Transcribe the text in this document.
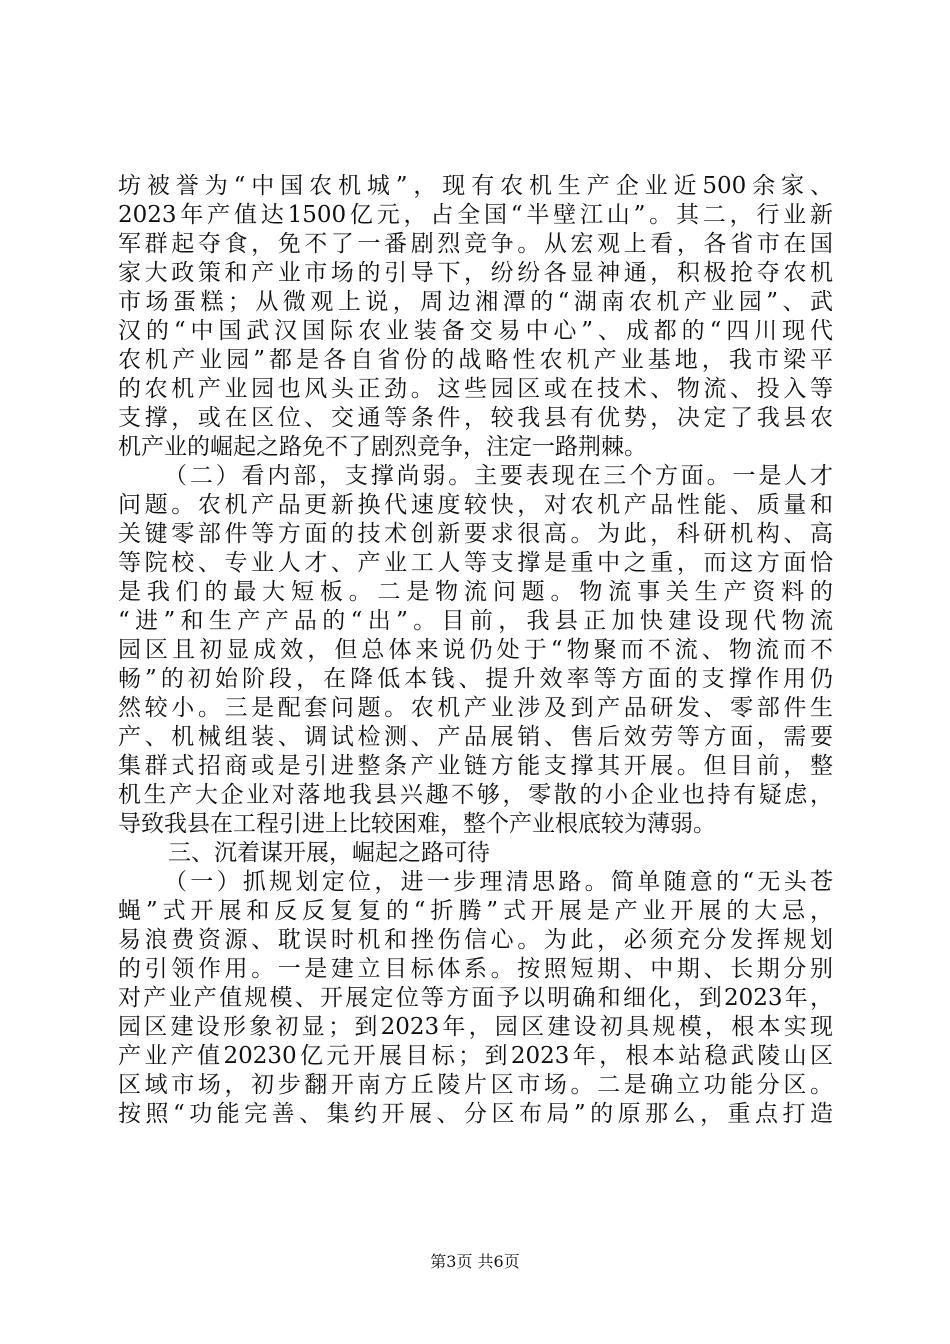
坊被誉为“中国农机城”，现有农机生产企业近500余家、
2023年产值达1500亿元，占全国“半壁江山”。其二，行业新
军群起夺食，免不了一番剧烈竞争。从宏观上看，各省市在国
家大政策和产业市场的引导下，纷纷各显神通，积极抢夺农机
市场蛋糕；从微观上说，周边湘潭的“湖南农机产业园”、武
汉的“中国武汉国际农业装备交易中心”、成都的“四川现代
农机产业园”都是各自省份的战略性农机产业基地，我市梁平
的农机产业园也风头正劲。这些园区或在技术、物流、投入等
支撑，或在区位、交通等条件，较我县有优势，决定了我县农
机产业的崛起之路免不了剧烈竞争，注定一路荆棘。
（二）看内部，支撑尚弱。主要表现在三个方面。一是人才
问题。农机产品更新换代速度较快，对农机产品性能、质量和
关键零部件等方面的技术创新要求很高。为此，科研机构、高
等院校、专业人才、产业工人等支撑是重中之重，而这方面恰
是我们的最大短板。二是物流问题。物流事关生产资料的
“进”和生产产品的“出”。目前，我县正加快建设现代物流
园区且初显成效，但总体来说仍处于“物聚而不流、物流而不
畅”的初始阶段，在降低本钱、提升效率等方面的支撑作用仍
然较小。三是配套问题。农机产业涉及到产品研发、零部件生
产、机械组装、调试检测、产品展销、售后效劳等方面，需要
集群式招商或是引进整条产业链方能支撑其开展。但目前，整
机生产大企业对落地我县兴趣不够，零散的小企业也持有疑虑，
导致我县在工程引进上比较困难，整个产业根底较为薄弱。
三、沉着谋开展，崛起之路可待
（一）抓规划定位，进一步理清思路。简单随意的“无头苍
蝇”式开展和反反复复的“折腾”式开展是产业开展的大忌，
易浪费资源、耽误时机和挫伤信心。为此，必须充分发挥规划
的引领作用。一是建立目标体系。按照短期、中期、长期分别
对产业产值规模、开展定位等方面予以明确和细化，到2023年，
园区建设形象初显；到2023年，园区建设初具规模，根本实现
产业产值20230亿元开展目标；到2023年，根本站稳武陵山区
区域市场，初步翻开南方丘陵片区市场。二是确立功能分区。
按照“功能完善、集约开展、分区布局”的原那么，重点打造
第3页 共6页
